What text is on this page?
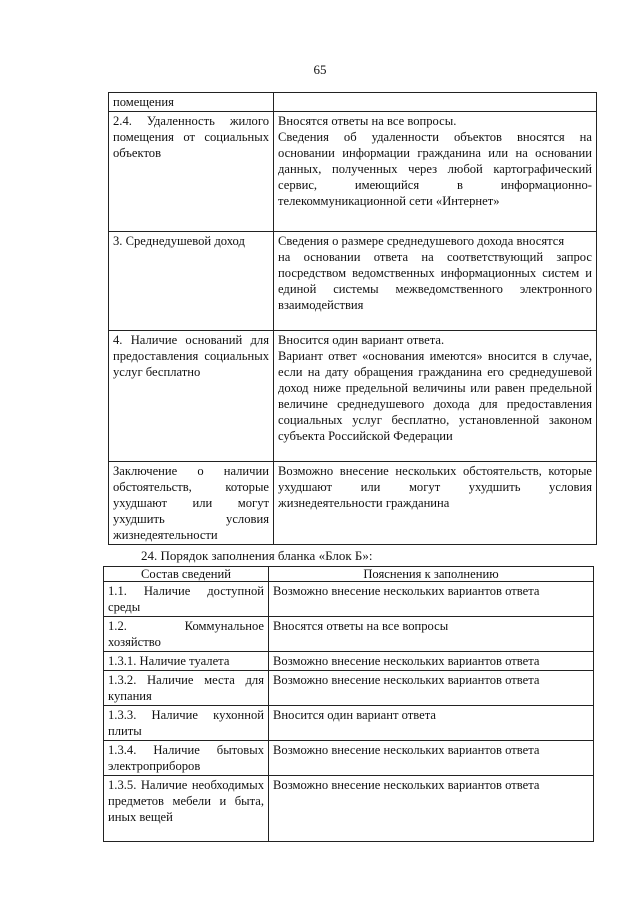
65
помещения	
2.4. Удаленность жилого помещения от социальных объектов	Вносятся ответы на все вопросы.
Сведения об удаленности объектов вносятся на основании информации гражданина или на основании данных, полученных через любой картографический сервис, имеющийся в информационно-телекоммуникационной сети «Интернет»

3. Среднедушевой доход	Сведения о размере среднедушевого дохода вносятся
на основании ответа на соответствующий запрос посредством ведомственных информационных систем и единой системы межведомственного электронного взаимодействия

4. Наличие оснований для предоставления социальных услуг бесплатно	Вносится один вариант ответа.
Вариант ответ «основания имеются» вносится в случае, если на дату обращения гражданина его среднедушевой доход ниже предельной величины или равен предельной величине среднедушевого дохода для предоставления социальных услуг бесплатно, установленной законом субъекта Российской Федерации

Заключение о наличии обстоятельств, которые ухудшают или могут ухудшить условия жизнедеятельности	Возможно внесение нескольких обстоятельств, которые ухудшают или могут ухудшить условия жизнедеятельности гражданина
24. Порядок заполнения бланка «Блок Б»:
Состав сведений	Пояснения к заполнению
1.1. Наличие доступной среды	Возможно внесение нескольких вариантов ответа
1.2. Коммунальное хозяйство	Вносятся ответы на все вопросы
1.3.1. Наличие туалета	Возможно внесение нескольких вариантов ответа
1.3.2. Наличие места для купания	Возможно внесение нескольких вариантов ответа
1.3.3. Наличие кухонной плиты	Вносится один вариант ответа
1.3.4. Наличие бытовых электроприборов	Возможно внесение нескольких вариантов ответа
1.3.5. Наличие необходимых предметов мебели и быта, иных вещей	Возможно внесение нескольких вариантов ответа
